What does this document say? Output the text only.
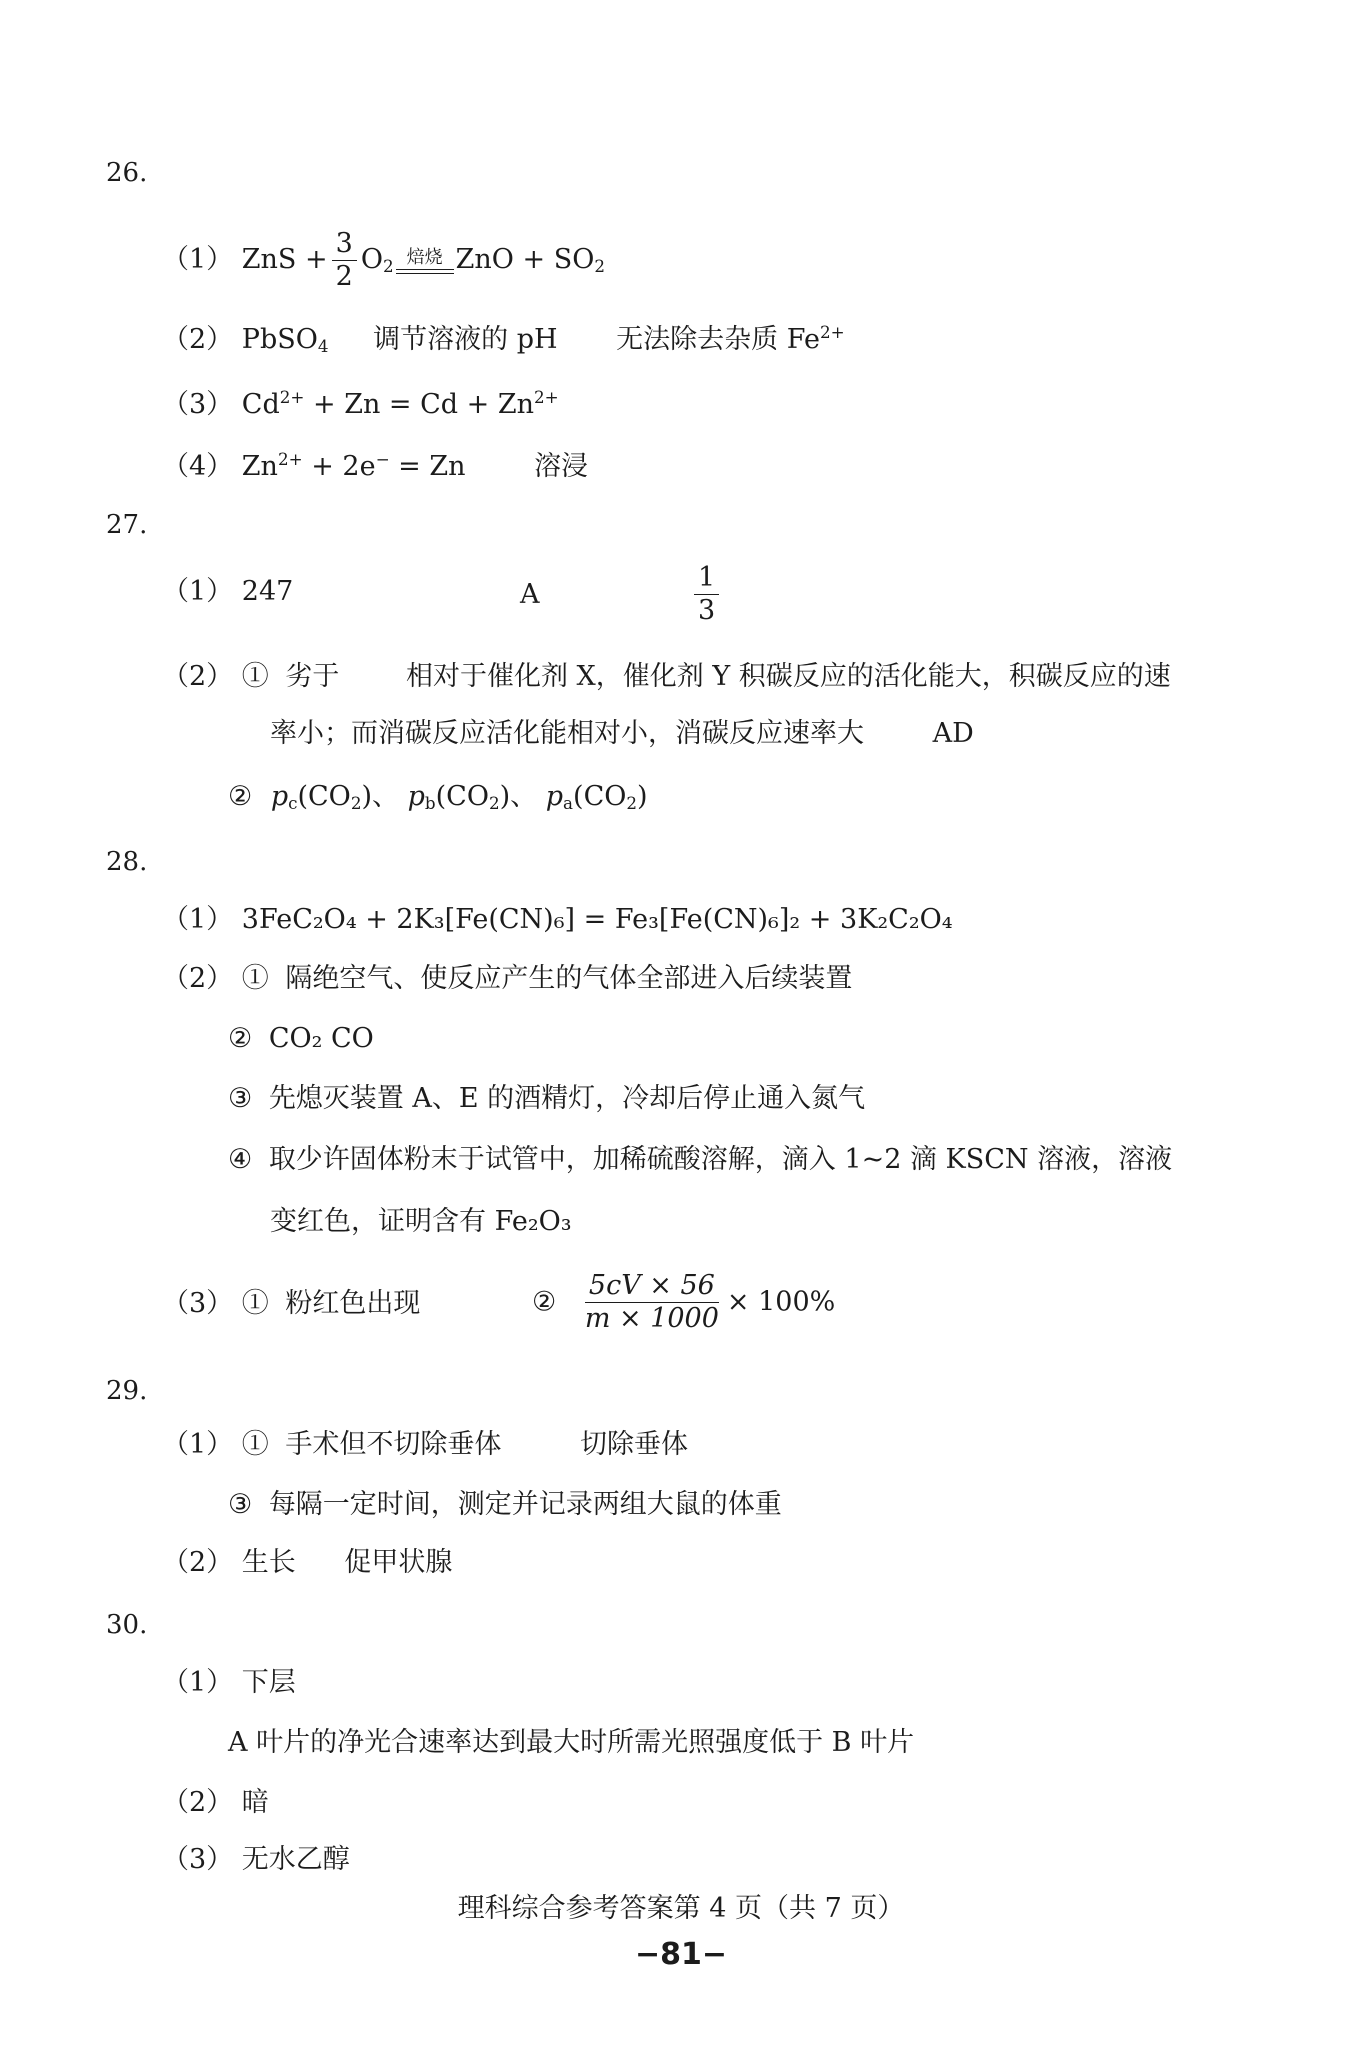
26.
（1） ZnS + $\frac{3}{2} O_2$ 焙烧 ZnO + $SO_2$
（2） PbSO$_4$ 调节溶液的 pH 无法除去杂质 $Fe^{2+}$
（3） $Cd^{2+} + Zn = Cd + Zn^{2+}$
（4） $Zn^{2+} + 2e^- = Zn$	溶浸
27.
（1） 247	A	$\frac{1}{3}$
（2） ① 劣于 相对于催化剂 X，催化剂 Y 积碳反应的活化能大，积碳反应的速
率小；而消碳反应活化能相对小，消碳反应速率大	AD
② $p_c(CO_2)$、 $p_b(CO_2)$、 $p_a(CO_2)$
28.
（1） 3FeC₂O₄ + 2K₃[Fe(CN)₆] = Fe₃[Fe(CN)₆]₂ + 3K₂C₂O₄
（2） ① 隔绝空气、使反应产生的气体全部进入后续装置
② CO₂ CO
③ 先熄灭装置 A、E 的酒精灯，冷却后停止通入氮气
④ 取少许固体粉末于试管中，加稀硫酸溶解，滴入 1~2 滴 KSCN 溶液，溶液
变红色，证明含有 Fe₂O₃
（3） ① 粉红色出现	② $\frac{5cV \times 56}{m \times 1000} \times 100\%$
29.
（1） ① 手术但不切除垂体	切除垂体
③ 每隔一定时间，测定并记录两组大鼠的体重
（2） 生长 促甲状腺
30.
（1） 下层
A 叶片的净光合速率达到最大时所需光照强度低于 B 叶片
（2） 暗
（3） 无水乙醇
理科综合参考答案第 4 页（共 7 页）
−81−
